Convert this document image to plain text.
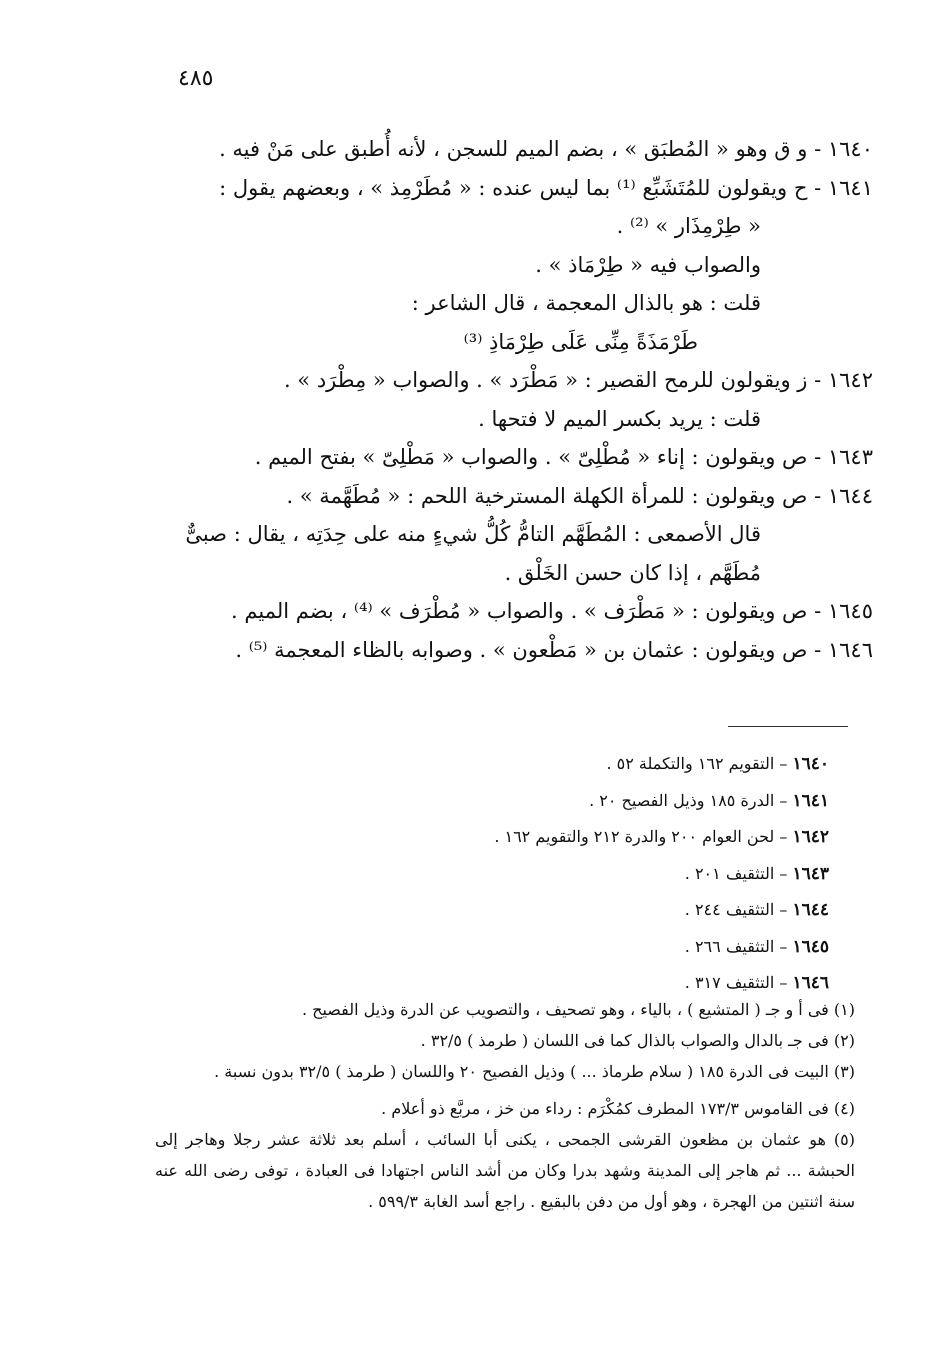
٤٨٥

١٦٤٠ - و ق وهو « المُطبَق » ، بضم الميم للسجن ، لأنه أُطبق على مَنْ فيه .

١٦٤١ - ح ويقولون للمُتَشَبِّع ⁽¹⁾ بما ليس عنده : « مُطَرْمِذ » ، وبعضهم يقول :

« طِرْمِذَار » ⁽²⁾ .

والصواب فيه « طِرْمَاذ » .

قلت : هو بالذال المعجمة ، قال الشاعر :

طَرْمَذَةً مِنِّى عَلَى طِرْمَاذِ ⁽³⁾

١٦٤٢ - ز ويقولون للرمح القصير : « مَطْرَد » . والصواب « مِطْرَد » .

قلت : يريد بكسر الميم لا فتحها .

١٦٤٣ - ص ويقولون : إناء « مُطْلِىّ » . والصواب « مَطْلِىّ » بفتح الميم .

١٦٤٤ - ص ويقولون : للمرأة الكهلة المسترخية اللحم : « مُطَهَّمة » .

قال الأصمعى : المُطَهَّم التامُّ كُلُّ شيءٍ منه على حِدَتِه ، يقال : صبىٌّ

مُطَهَّم ، إذا كان حسن الخَلْق .

١٦٤٥ - ص ويقولون : « مَطْرَف » . والصواب « مُطْرَف » ⁽⁴⁾ ، بضم الميم .

١٦٤٦ - ص ويقولون : عثمان بن « مَطْعون » . وصوابه بالظاء المعجمة ⁽⁵⁾ .

١٦٤٠ – التقويم ١٦٢ والتكملة ٥٢ .

١٦٤١ – الدرة ١٨٥ وذيل الفصيح ٢٠ .

١٦٤٢ – لحن العوام ٢٠٠ والدرة ٢١٢ والتقويم ١٦٢ .

١٦٤٣ – التثقيف ٢٠١ .

١٦٤٤ – التثقيف ٢٤٤ .

١٦٤٥ – التثقيف ٢٦٦ .

١٦٤٦ – التثقيف ٣١٧ .

(١) فى أ و جـ ( المتشيع ) ، بالياء ، وهو تصحيف ، والتصويب عن الدرة وذيل الفصيح .

(٢) فى جـ بالدال والصواب بالذال كما فى اللسان ( طرمذ ) ٣٢/٥ .

(٣) البيت فى الدرة ١٨٥ ( سلام طرماذ ... ) وذيل الفصيح ٢٠ واللسان ( طرمذ ) ٣٢/٥ بدون نسبة .

(٤) فى القاموس ١٧٣/٣ المطرف كمُكْرَم : رداء من خز ، مربَّع ذو أعلام .

(٥) هو عثمان بن مظعون القرشى الجمحى ، يكنى أبا السائب ، أسلم بعد ثلاثة عشر رجلا وهاجر إلى الحبشة ... ثم هاجر إلى المدينة وشهد بدرا وكان من أشد الناس اجتهادا فى العبادة ، توفى رضى الله عنه سنة اثنتين من الهجرة ، وهو أول من دفن بالبقيع . راجع أسد الغابة ٥٩٩/٣ .
